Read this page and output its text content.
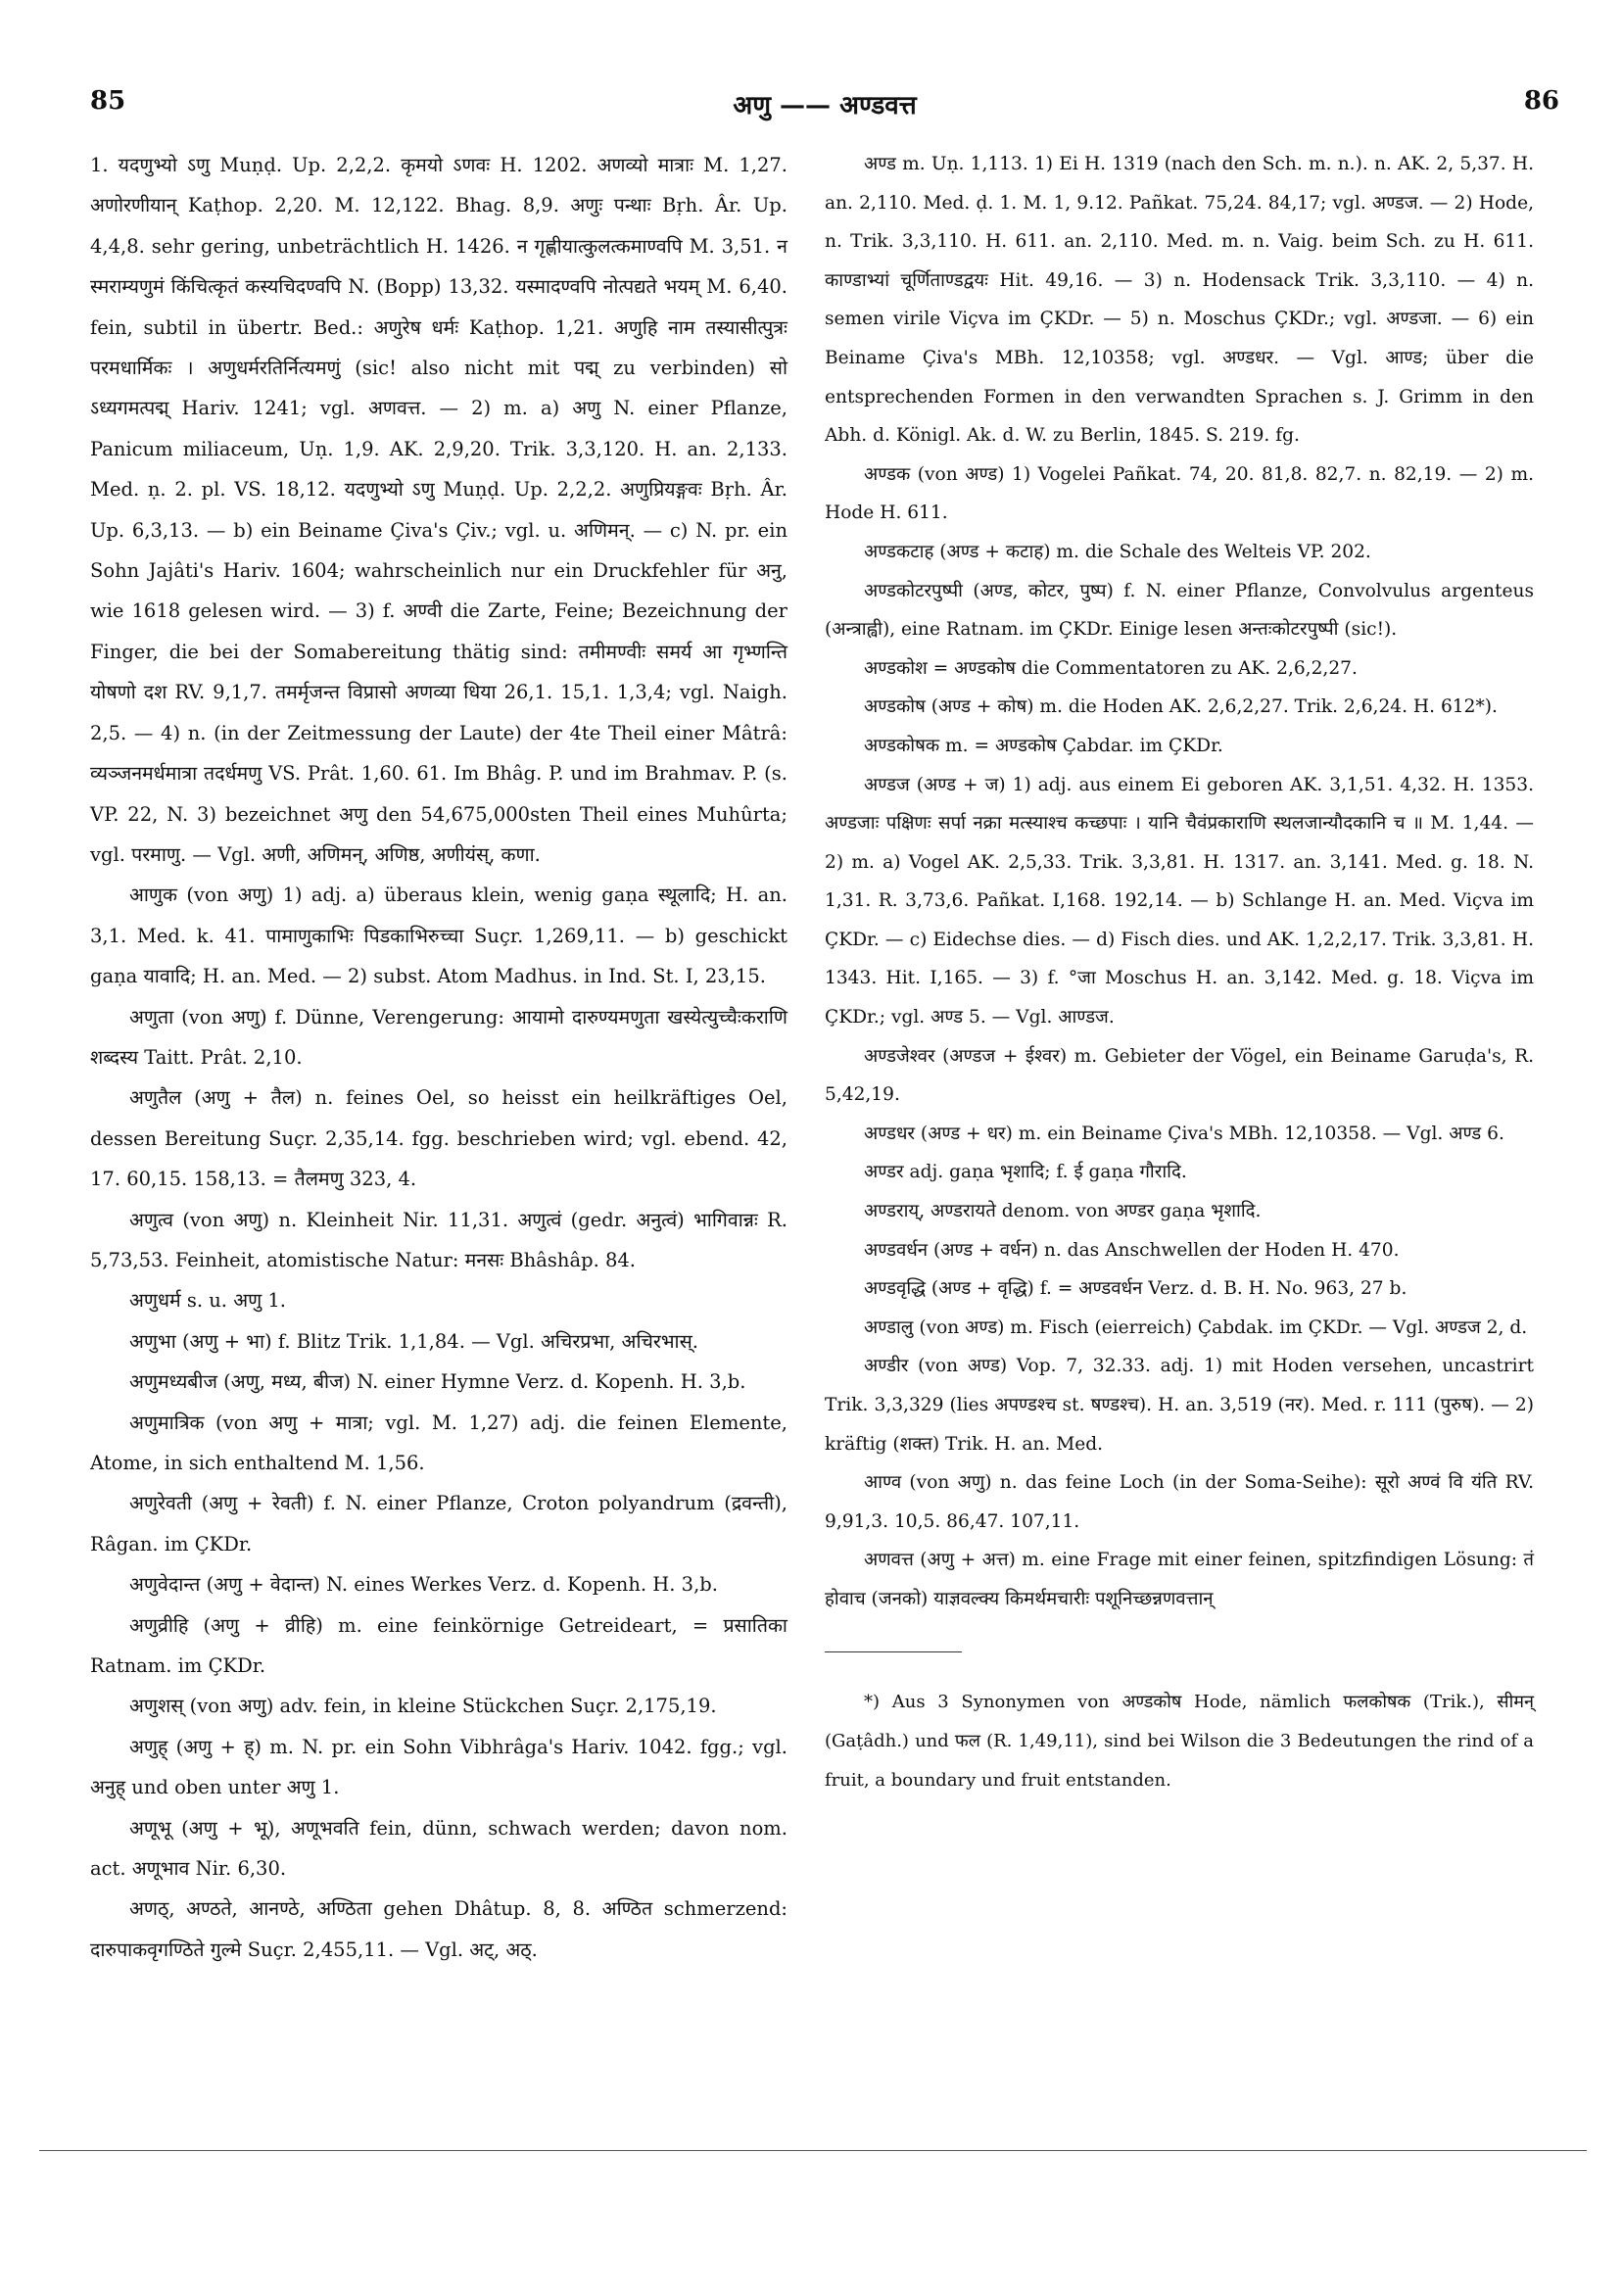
85	अणु —— अण्डवत्त	86

1. यदणुभ्यो ऽणु Muṇḍ. Up. 2,2,2. कृमयो ऽणवः H. 1202. अणव्यो मात्राः M. 1,27. अणोरणीयान् Kaṭhop. 2,20. M. 12,122. Bhag. 8,9. अणुः पन्थाः Bṛh. Âr. Up. 4,4,8. sehr gering, unbeträchtlich H. 1426. न गृह्णीयात्कुलत्कमाण्वपि M. 3,51. न स्मराम्यणुमं किंचित्कृतं कस्यचिदण्वपि N. (Bopp) 13,32. यस्मादण्वपि नोत्पद्यते भयम् M. 6,40. fein, subtil in übertr. Bed.: अणुरेष धर्मः Kaṭhop. 1,21. अणुहि नाम तस्यासीत्पुत्रः परमधार्मिकः । अणुधर्मरतिर्नित्यमणुं (sic! also nicht mit पद्म् zu verbinden) सो ऽध्यगमत्पद्म् Hariv. 1241; vgl. अणवत्त. — 2) m. a) अणु N. einer Pflanze, Panicum miliaceum, Uṇ. 1,9. AK. 2,9,20. Trik. 3,3,120. H. an. 2,133. Med. ṇ. 2. pl. VS. 18,12. यदणुभ्यो ऽणु Muṇḍ. Up. 2,2,2. अणुप्रियङ्गवः Bṛh. Âr. Up. 6,3,13. — b) ein Beiname Çiva's Çiv.; vgl. u. अणिमन्. — c) N. pr. ein Sohn Jajâti's Hariv. 1604; wahrscheinlich nur ein Druckfehler für अनु, wie 1618 gelesen wird. — 3) f. अण्वी die Zarte, Feine; Bezeichnung der Finger, die bei der Somabereitung thätig sind: तमीमण्वीः समर्य आ गृभ्णन्ति योषणो दश RV. 9,1,7. तमर्मृजन्त विप्रासो अणव्या धिया 26,1. 15,1. 1,3,4; vgl. Naigh. 2,5. — 4) n. (in der Zeitmessung der Laute) der 4te Theil einer Mâtrâ: व्यञ्जनमर्धमात्रा तदर्धमणु VS. Prât. 1,60. 61. Im Bhâg. P. und im Brahmav. P. (s. VP. 22, N. 3) bezeichnet अणु den 54,675,000sten Theil eines Muhûrta; vgl. परमाणु. — Vgl. अणी, अणिमन्, अणिष्ठ, अणीयंस्, कणा.

आणुक (von अणु) 1) adj. a) überaus klein, wenig gaṇa स्थूलादि; H. an. 3,1. Med. k. 41. पामाणुकाभिः पिडकाभिरुच्चा Suçr. 1,269,11. — b) geschickt gaṇa यावादि; H. an. Med. — 2) subst. Atom Madhus. in Ind. St. I, 23,15.

अणुता (von अणु) f. Dünne, Verengerung: आयामो दारुण्यमणुता खस्येत्युच्चैःकराणि शब्दस्य Taitt. Prât. 2,10.

अणुतैल (अणु + तैल) n. feines Oel, so heisst ein heilkräftiges Oel, dessen Bereitung Suçr. 2,35,14. fgg. beschrieben wird; vgl. ebend. 42, 17. 60,15. 158,13. = तैलमणु 323, 4.

अणुत्व (von अणु) n. Kleinheit Nir. 11,31. अणुत्वं (gedr. अनुत्वं) भागिवान्नः R. 5,73,53. Feinheit, atomistische Natur: मनसः Bhâshâp. 84.

अणुधर्म s. u. अणु 1.

अणुभा (अणु + भा) f. Blitz Trik. 1,1,84. — Vgl. अचिरप्रभा, अचिरभास्.

अणुमध्यबीज (अणु, मध्य, बीज) N. einer Hymne Verz. d. Kopenh. H. 3,b.

अणुमात्रिक (von अणु + मात्रा; vgl. M. 1,27) adj. die feinen Elemente, Atome, in sich enthaltend M. 1,56.

अणुरेवती (अणु + रेवती) f. N. einer Pflanze, Croton polyandrum (द्रवन्ती), Râgan. im ÇKDr.

अणुवेदान्त (अणु + वेदान्त) N. eines Werkes Verz. d. Kopenh. H. 3,b.

अणुव्रीहि (अणु + व्रीहि) m. eine feinkörnige Getreideart, = प्रसातिका Ratnam. im ÇKDr.

अणुशस् (von अणु) adv. fein, in kleine Stückchen Suçr. 2,175,19.

अणुह् (अणु + ह्) m. N. pr. ein Sohn Vibhrâga's Hariv. 1042. fgg.; vgl. अनुह् und oben unter अणु 1.

अणूभू (अणु + भू), अणूभवति fein, dünn, schwach werden; davon nom. act. अणूभाव Nir. 6,30.

अणठ्, अण्ठते, आनण्ठे, अण्ठिता gehen Dhâtup. 8, 8. अण्ठित schmerzend: दारुपाकवृगण्ठिते गुल्मे Suçr. 2,455,11. — Vgl. अट्, अठ्.

अण्ड m. Uṇ. 1,113. 1) Ei H. 1319 (nach den Sch. m. n.). n. AK. 2, 5,37. H. an. 2,110. Med. ḍ. 1. M. 1, 9.12. Pañkat. 75,24. 84,17; vgl. अण्डज. — 2) Hode, n. Trik. 3,3,110. H. 611. an. 2,110. Med. m. n. Vaig. beim Sch. zu H. 611. काण्डाभ्यां चूर्णिताण्डद्वयः Hit. 49,16. — 3) n. Hodensack Trik. 3,3,110. — 4) n. semen virile Viçva im ÇKDr. — 5) n. Moschus ÇKDr.; vgl. अण्डजा. — 6) ein Beiname Çiva's MBh. 12,10358; vgl. अण्डधर. — Vgl. आण्ड; über die entsprechenden Formen in den verwandten Sprachen s. J. Grimm in den Abh. d. Königl. Ak. d. W. zu Berlin, 1845. S. 219. fg.

अण्डक (von अण्ड) 1) Vogelei Pañkat. 74, 20. 81,8. 82,7. n. 82,19. — 2) m. Hode H. 611.

अण्डकटाह (अण्ड + कटाह) m. die Schale des Welteis VP. 202.

अण्डकोटरपुष्पी (अण्ड, कोटर, पुष्प) f. N. einer Pflanze, Convolvulus argenteus (अन्त्राह्वी), eine Ratnam. im ÇKDr. Einige lesen अन्तःकोटरपुष्पी (sic!).

अण्डकोश = अण्डकोष die Commentatoren zu AK. 2,6,2,27.

अण्डकोष (अण्ड + कोष) m. die Hoden AK. 2,6,2,27. Trik. 2,6,24. H. 612*).

अण्डकोषक m. = अण्डकोष Çabdar. im ÇKDr.

अण्डज (अण्ड + ज) 1) adj. aus einem Ei geboren AK. 3,1,51. 4,32. H. 1353. अण्डजाः पक्षिणः सर्पा नक्रा मत्स्याश्च कच्छपाः । यानि चैवंप्रकाराणि स्थलजान्यौदकानि च ॥ M. 1,44. — 2) m. a) Vogel AK. 2,5,33. Trik. 3,3,81. H. 1317. an. 3,141. Med. g. 18. N. 1,31. R. 3,73,6. Pañkat. I,168. 192,14. — b) Schlange H. an. Med. Viçva im ÇKDr. — c) Eidechse dies. — d) Fisch dies. und AK. 1,2,2,17. Trik. 3,3,81. H. 1343. Hit. I,165. — 3) f. °जा Moschus H. an. 3,142. Med. g. 18. Viçva im ÇKDr.; vgl. अण्ड 5. — Vgl. आण्डज.

अण्डजेश्वर (अण्डज + ईश्वर) m. Gebieter der Vögel, ein Beiname Garuḍa's, R. 5,42,19.

अण्डधर (अण्ड + धर) m. ein Beiname Çiva's MBh. 12,10358. — Vgl. अण्ड 6.

अण्डर adj. gaṇa भृशादि; f. ई gaṇa गौरादि.

अण्डराय्, अण्डरायते denom. von अण्डर gaṇa भृशादि.

अण्डवर्धन (अण्ड + वर्धन) n. das Anschwellen der Hoden H. 470.

अण्डवृद्धि (अण्ड + वृद्धि) f. = अण्डवर्धन Verz. d. B. H. No. 963, 27 b.

अण्डालु (von अण्ड) m. Fisch (eierreich) Çabdak. im ÇKDr. — Vgl. अण्डज 2, d.

अण्डीर (von अण्ड) Vop. 7, 32.33. adj. 1) mit Hoden versehen, uncastrirt Trik. 3,3,329 (lies अपण्डश्च st. षण्डश्च). H. an. 3,519 (नर). Med. r. 111 (पुरुष). — 2) kräftig (शक्त) Trik. H. an. Med.

आण्व (von अणु) n. das feine Loch (in der Soma-Seihe): सूरो अण्वं वि यंति RV. 9,91,3. 10,5. 86,47. 107,11.

अणवत्त (अणु + अत्त) m. eine Frage mit einer feinen, spitzfindigen Lösung: तं होवाच (जनको) याज्ञवल्क्य किमर्थमचारीः पशूनिच्छन्नणवत्तान्

*) Aus 3 Synonymen von अण्डकोष Hode, nämlich फलकोषक (Trik.), सीमन् (Gaṭâdh.) und फल (R. 1,49,11), sind bei Wilson die 3 Bedeutungen the rind of a fruit, a boundary und fruit entstanden.
